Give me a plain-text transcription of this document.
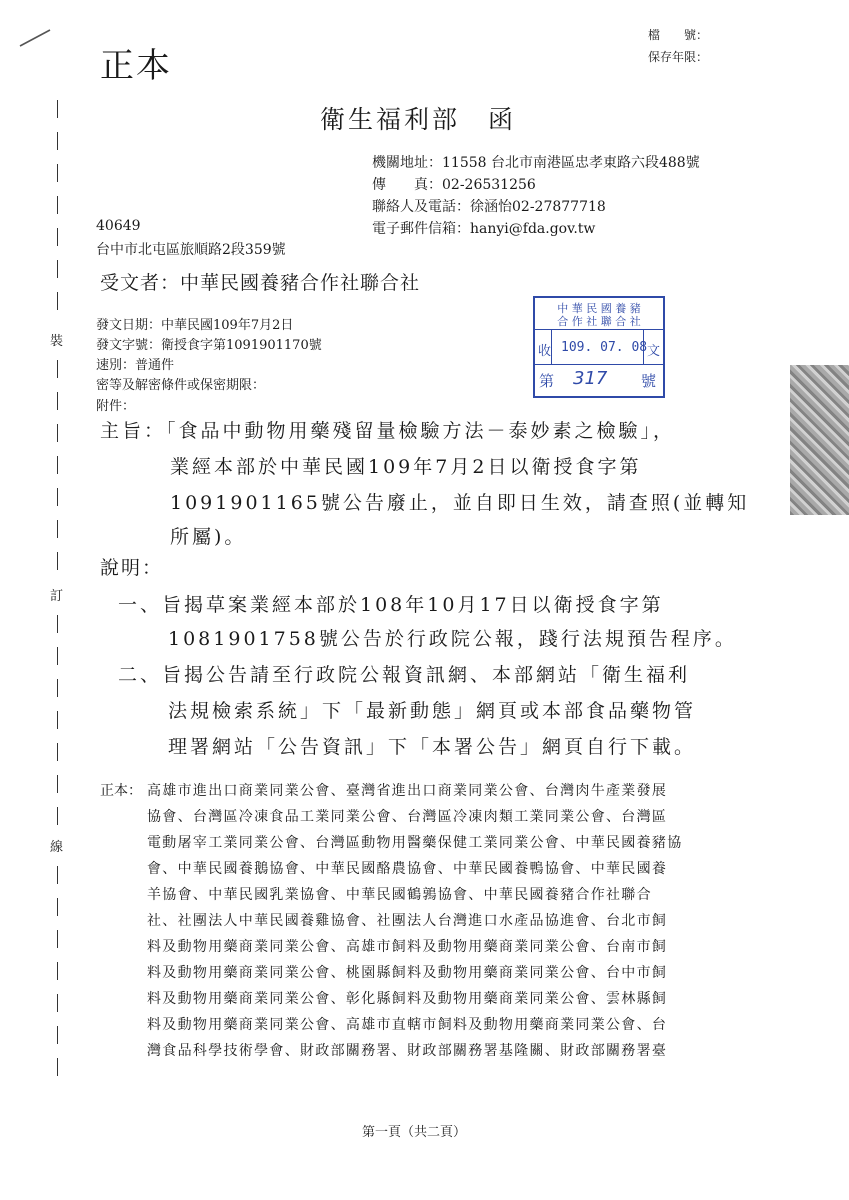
正本
檔　　號：
保存年限：
衛生福利部　函
機關地址：11558 台北市南港區忠孝東路六段488號
傳　　真：02-26531256
聯絡人及電話：徐涵怡02-27877718
電子郵件信箱：hanyi@fda.gov.tw
40649
台中市北屯區旅順路2段359號
受文者：中華民國養豬合作社聯合社
發文日期：中華民國109年7月2日
發文字號：衛授食字第1091901170號
速別：普通件
密等及解密條件或保密期限：
附件：
中 華 民 國 養 豬
合 作 社 聯 合 社
收 109. 07. 08 文
第	317	號
主旨：「食品中動物用藥殘留量檢驗方法－泰妙素之檢驗」，
業經本部於中華民國109年7月2日以衛授食字第
1091901165號公告廢止，並自即日生效，請查照(並轉知
所屬)。
說明：
一、旨揭草案業經本部於108年10月17日以衛授食字第
1081901758號公告於行政院公報，踐行法規預告程序。
二、旨揭公告請至行政院公報資訊網、本部網站「衛生福利
法規檢索系統」下「最新動態」網頁或本部食品藥物管
理署網站「公告資訊」下「本署公告」網頁自行下載。
正本： 高雄市進出口商業同業公會、臺灣省進出口商業同業公會、台灣肉牛產業發展
協會、台灣區冷凍食品工業同業公會、台灣區冷凍肉類工業同業公會、台灣區
電動屠宰工業同業公會、台灣區動物用醫藥保健工業同業公會、中華民國養豬協
會、中華民國養鵝協會、中華民國酪農協會、中華民國養鴨協會、中華民國養
羊協會、中華民國乳業協會、中華民國鶴鶉協會、中華民國養豬合作社聯合
社、社團法人中華民國養雞協會、社團法人台灣進口水產品協進會、台北市飼
料及動物用藥商業同業公會、高雄市飼料及動物用藥商業同業公會、台南市飼
料及動物用藥商業同業公會、桃園縣飼料及動物用藥商業同業公會、台中市飼
料及動物用藥商業同業公會、彰化縣飼料及動物用藥商業同業公會、雲林縣飼
料及動物用藥商業同業公會、高雄市直轄市飼料及動物用藥商業同業公會、台
灣食品科學技術學會、財政部關務署、財政部關務署基隆關、財政部關務署臺
裝
訂
線
第一頁（共二頁）
